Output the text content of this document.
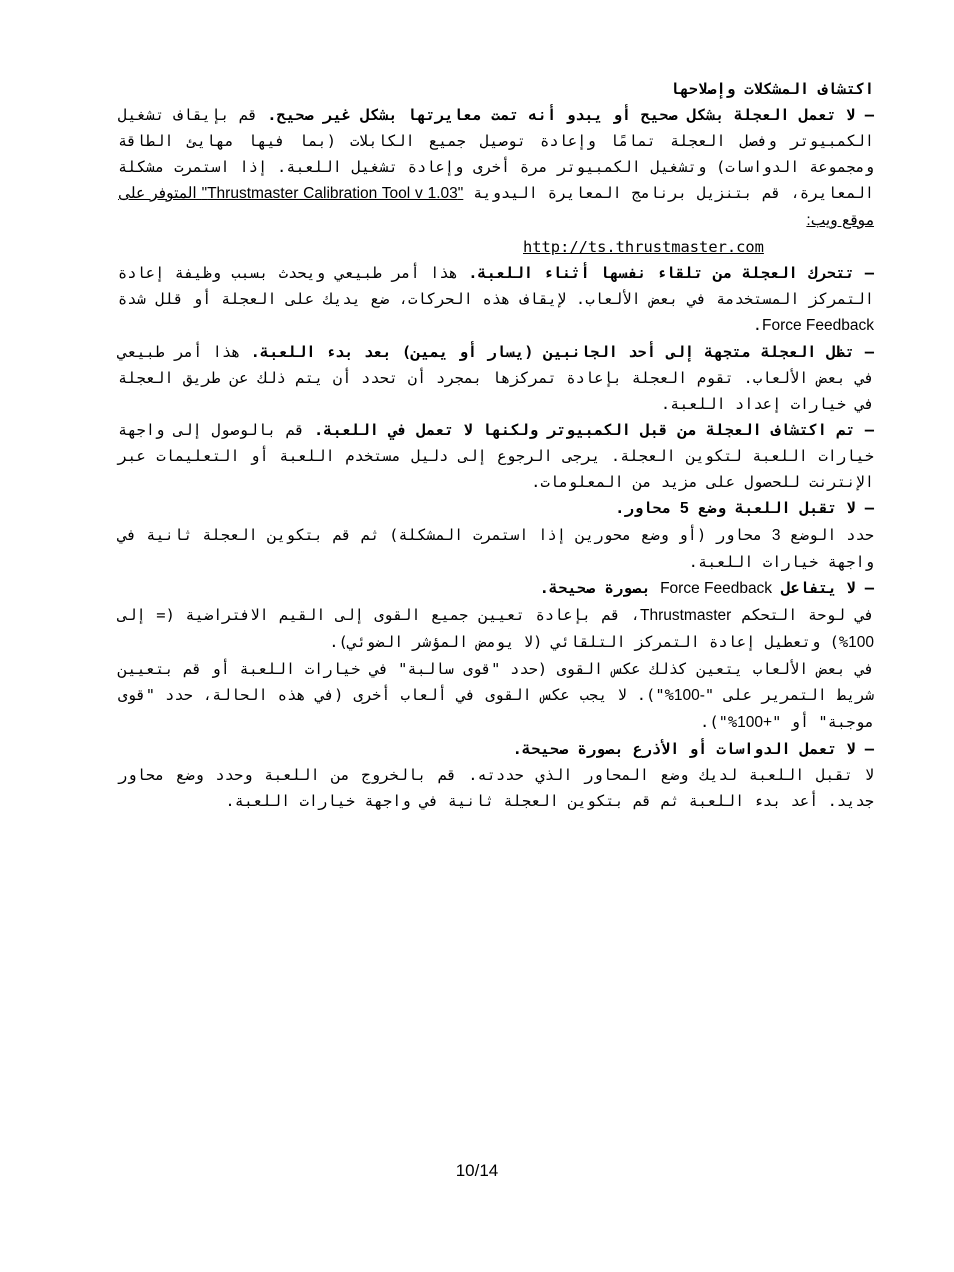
اكتشاف المشكلات وإصلاحها

– لا تعمل العجلة بشكل صحيح أو يبدو أنه تمت معايرتها بشكل غير صحيح. قم بإيقاف تشغيل الكمبيوتر وفصل العجلة تمامًا وإعادة توصيل جميع الكابلات (بما فيها مهايئ الطاقة ومجموعة الدواسات) وتشغيل الكمبيوتر مرة أخرى وإعادة تشغيل اللعبة. إذا استمرت مشكلة المعايرة، قم بتنزيل برنامج المعايرة اليدوية "Thrustmaster Calibration Tool v 1.03" المتوفر على موقع ويب:

http://ts.thrustmaster.com

– تتحرك العجلة من تلقاء نفسها أثناء اللعبة. هذا أمر طبيعي ويحدث بسبب وظيفة إعادة التمركز المستخدمة في بعض الألعاب. لإيقاف هذه الحركات، ضع يديك على العجلة أو قلل شدة Force Feedback.

– تظل العجلة متجهة إلى أحد الجانبين (يسار أو يمين) بعد بدء اللعبة. هذا أمر طبيعي في بعض الألعاب. تقوم العجلة بإعادة تمركزها بمجرد أن تحدد أن يتم ذلك عن طريق العجلة في خيارات إعداد اللعبة.

– تم اكتشاف العجلة من قبل الكمبيوتر ولكنها لا تعمل في اللعبة. قم بالوصول إلى واجهة خيارات اللعبة لتكوين العجلة. يرجى الرجوع إلى دليل مستخدم اللعبة أو التعليمات عبر الإنترنت للحصول على مزيد من المعلومات.

– لا تقبل اللعبة وضع 5 محاور.

حدد الوضع 3 محاور (أو وضع محورين إذا استمرت المشكلة) ثم قم بتكوين العجلة ثانية في واجهة خيارات اللعبة.

– لا يتفاعل Force Feedback بصورة صحيحة.

في لوحة التحكم Thrustmaster، قم بإعادة تعيين جميع القوى إلى القيم الافتراضية (= إلى 100%) وتعطيل إعادة التمركز التلقائي (لا يومض المؤشر الضوئي).

في بعض الألعاب يتعين كذلك عكس القوى (حدد "قوى سالبة" في خيارات اللعبة أو قم بتعيين شريط التمرير على "-100%"). لا يجب عكس القوى في ألعاب أخرى (في هذه الحالة، حدد "قوى موجبة" أو "+100%").

– لا تعمل الدواسات أو الأذرع بصورة صحيحة.

لا تقبل اللعبة لديك وضع المحاور الذي حددته. قم بالخروج من اللعبة وحدد وضع محاور جديد. أعد بدء اللعبة ثم قم بتكوين العجلة ثانية في واجهة خيارات اللعبة.

10/14
